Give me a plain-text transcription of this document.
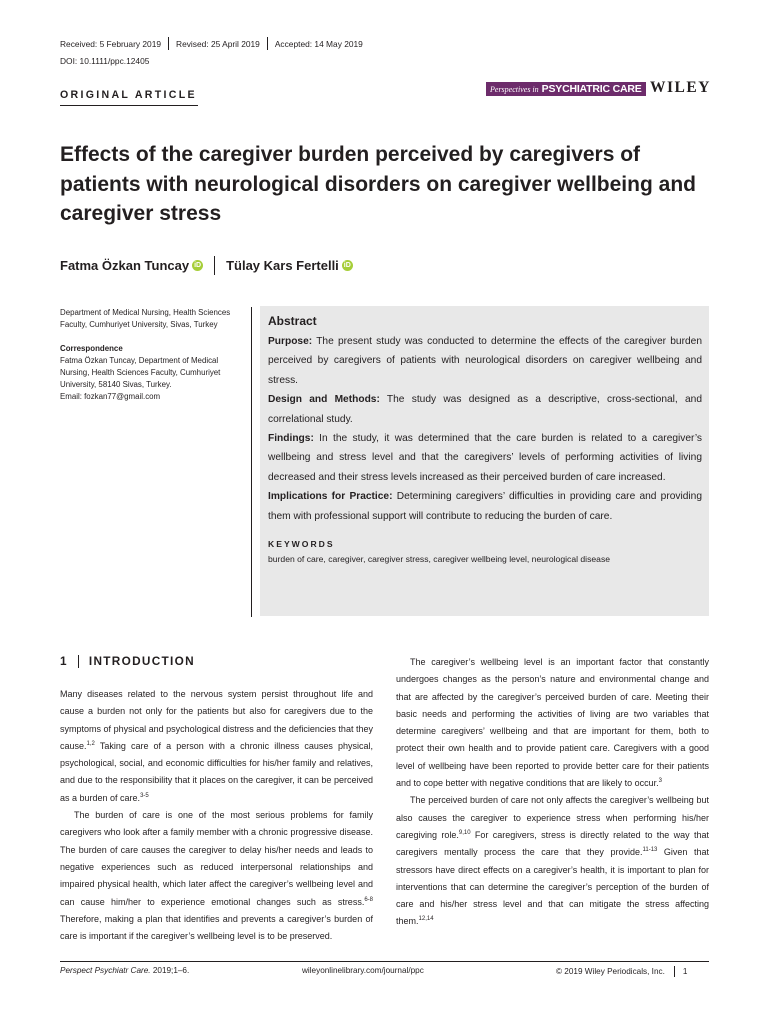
Received: 5 February 2019 Revised: 25 April 2019 Accepted: 14 May 2019
DOI: 10.1111/ppc.12405
ORIGINAL ARTICLE	Perspectives in PSYCHIATRIC CARE WILEY
Effects of the caregiver burden perceived by caregivers of patients with neurological disorders on caregiver wellbeing and caregiver stress
Fatma Özkan Tuncay iD Tülay Kars Fertelli iD
Department of Medical Nursing, Health Sciences Faculty, Cumhuriyet University, Sivas, Turkey
Correspondence
Fatma Özkan Tuncay, Department of Medical
Nursing, Health Sciences Faculty, Cumhuriyet
University, 58140 Sivas, Turkey.
Email: fozkan77@gmail.com
Abstract

Purpose: The present study was conducted to determine the effects of the caregiver burden perceived by caregivers of patients with neurological disorders on caregiver wellbeing and stress.

Design and Methods: The study was designed as a descriptive, cross-sectional, and correlational study.

Findings: In the study, it was determined that the care burden is related to a caregiver’s wellbeing and stress level and that the caregivers’ levels of performing activities of living decreased and their stress levels increased as their perceived burden of care increased.

Implications for Practice: Determining caregivers’ difficulties in providing care and providing them with professional support will contribute to reducing the burden of care.

KEYWORDS
burden of care, caregiver, caregiver stress, caregiver wellbeing level, neurological disease
1 INTRODUCTION

Many diseases related to the nervous system persist throughout life and cause a burden not only for the patients but also for caregivers due to the symptoms of physical and psychological distress and the deficiencies that they cause.$^{1,2}$ Taking care of a person with a chronic illness causes physical, psychological, social, and economic difficulties for his/her family and relatives, and due to the responsibility that it places on the caregiver, it can be perceived as a burden of care.$^{3-5}$

The burden of care is one of the most serious problems for family caregivers who look after a family member with a chronic progressive disease. The burden of care causes the caregiver to delay his/her needs and leads to negative experiences such as reduced interpersonal relationships and impaired physical health, which later affect the caregiver’s wellbeing level and can cause him/her to experience emotional changes such as stress.$^{6-8}$ Therefore, making a plan that identifies and prevents a caregiver’s burden of care is important if the caregiver’s wellbeing level is to be preserved.

The caregiver’s wellbeing level is an important factor that constantly undergoes changes as the person’s nature and environmental change and that are affected by the caregiver’s perceived burden of care. Meeting their basic needs and performing the activities of living are two variables that determine caregivers’ wellbeing and that are important for them, both to protect their own health and to provide patient care. Caregivers with a good level of wellbeing have been reported to provide better care for their patients and to cope better with negative conditions that are likely to occur.$^3$

The perceived burden of care not only affects the caregiver’s wellbeing but also causes the caregiver to experience stress when performing his/her caregiving role.$^{9,10}$ For caregivers, stress is directly related to the way that caregivers mentally process the care that they provide.$^{11-13}$ Given that stressors have direct effects on a caregiver’s health, it is important to plan for interventions that can determine the caregiver’s perception of the burden of care and his/her stress level and that can mitigate the stress affecting them.$^{12,14}$

Perspect Psychiatr Care. 2019;1–6.	wileyonlinelibrary.com/journal/ppc	© 2019 Wiley Periodicals, Inc. 1
